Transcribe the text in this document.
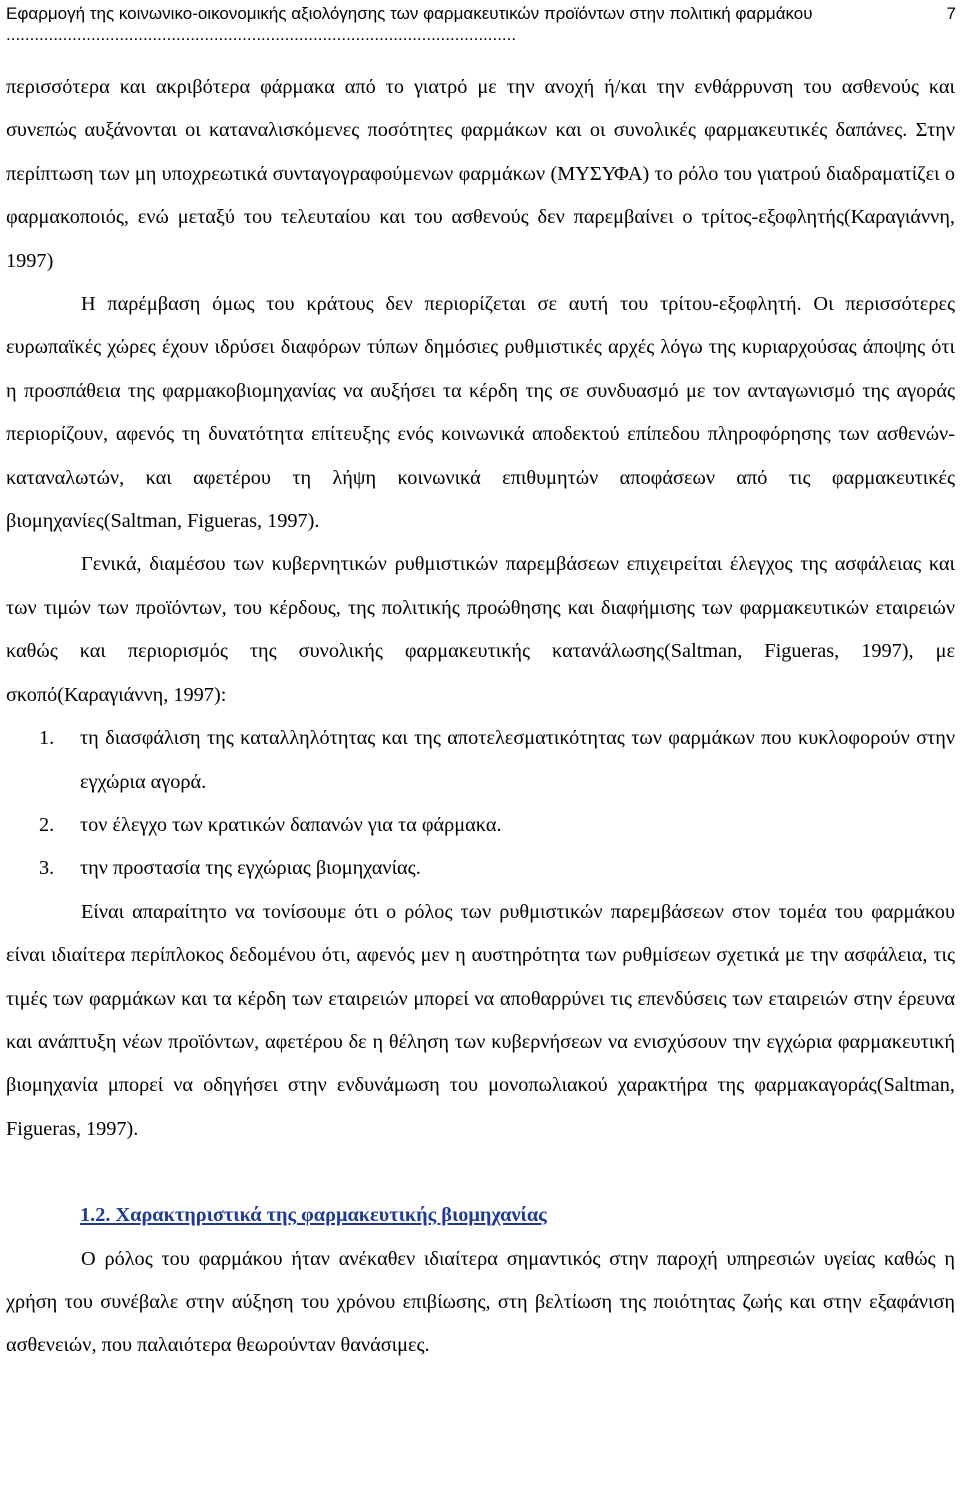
Εφαρμογή της κοινωνικο-οικονομικής αξιολόγησης των φαρμακευτικών προϊόντων στην πολιτική φαρμάκου ............................................................................................................
7

περισσότερα και ακριβότερα φάρμακα από το γιατρό με την ανοχή ή/και την ενθάρρυνση του ασθενούς και συνεπώς αυξάνονται οι καταναλισκόμενες ποσότητες φαρμάκων και οι συνολικές φαρμακευτικές δαπάνες. Στην περίπτωση των μη υποχρεωτικά συνταγογραφούμενων φαρμάκων (ΜΥΣΥΦΑ) το ρόλο του γιατρού διαδραματίζει ο φαρμακοποιός, ενώ μεταξύ του τελευταίου και του ασθενούς δεν παρεμβαίνει ο τρίτος-εξοφλητής(Καραγιάννη, 1997)

Η παρέμβαση όμως του κράτους δεν περιορίζεται σε αυτή του τρίτου-εξοφλητή. Οι περισσότερες ευρωπαϊκές χώρες έχουν ιδρύσει διαφόρων τύπων δημόσιες ρυθμιστικές αρχές λόγω της κυριαρχούσας άποψης ότι η προσπάθεια της φαρμακοβιομηχανίας να αυξήσει τα κέρδη της σε συνδυασμό με τον ανταγωνισμό της αγοράς περιορίζουν, αφενός τη δυνατότητα επίτευξης ενός κοινωνικά αποδεκτού επίπεδου πληροφόρησης των ασθενών-καταναλωτών, και αφετέρου τη λήψη κοινωνικά επιθυμητών αποφάσεων από τις φαρμακευτικές βιομηχανίες(Saltman, Figueras, 1997).

Γενικά, διαμέσου των κυβερνητικών ρυθμιστικών παρεμβάσεων επιχειρείται έλεγχος της ασφάλειας και των τιμών των προϊόντων, του κέρδους, της πολιτικής προώθησης και διαφήμισης των φαρμακευτικών εταιρειών καθώς και περιορισμός της συνολικής φαρμακευτικής κατανάλωσης(Saltman, Figueras, 1997), με σκοπό(Καραγιάννη, 1997):

1. τη διασφάλιση της καταλληλότητας και της αποτελεσματικότητας των φαρμάκων που κυκλοφορούν στην εγχώρια αγορά.
2. τον έλεγχο των κρατικών δαπανών για τα φάρμακα.
3. την προστασία της εγχώριας βιομηχανίας.

Είναι απαραίτητο να τονίσουμε ότι ο ρόλος των ρυθμιστικών παρεμβάσεων στον τομέα του φαρμάκου είναι ιδιαίτερα περίπλοκος δεδομένου ότι, αφενός μεν η αυστηρότητα των ρυθμίσεων σχετικά με την ασφάλεια, τις τιμές των φαρμάκων και τα κέρδη των εταιρειών μπορεί να αποθαρρύνει τις επενδύσεις των εταιρειών στην έρευνα και ανάπτυξη νέων προϊόντων, αφετέρου δε η θέληση των κυβερνήσεων να ενισχύσουν την εγχώρια φαρμακευτική βιομηχανία μπορεί να οδηγήσει στην ενδυνάμωση του μονοπωλιακού χαρακτήρα της φαρμακαγοράς(Saltman, Figueras, 1997).

1.2. Χαρακτηριστικά της φαρμακευτικής βιομηχανίας

Ο ρόλος του φαρμάκου ήταν ανέκαθεν ιδιαίτερα σημαντικός στην παροχή υπηρεσιών υγείας καθώς η χρήση του συνέβαλε στην αύξηση του χρόνου επιβίωσης, στη βελτίωση της ποιότητας ζωής και στην εξαφάνιση ασθενειών, που παλαιότερα θεωρούνταν θανάσιμες.
